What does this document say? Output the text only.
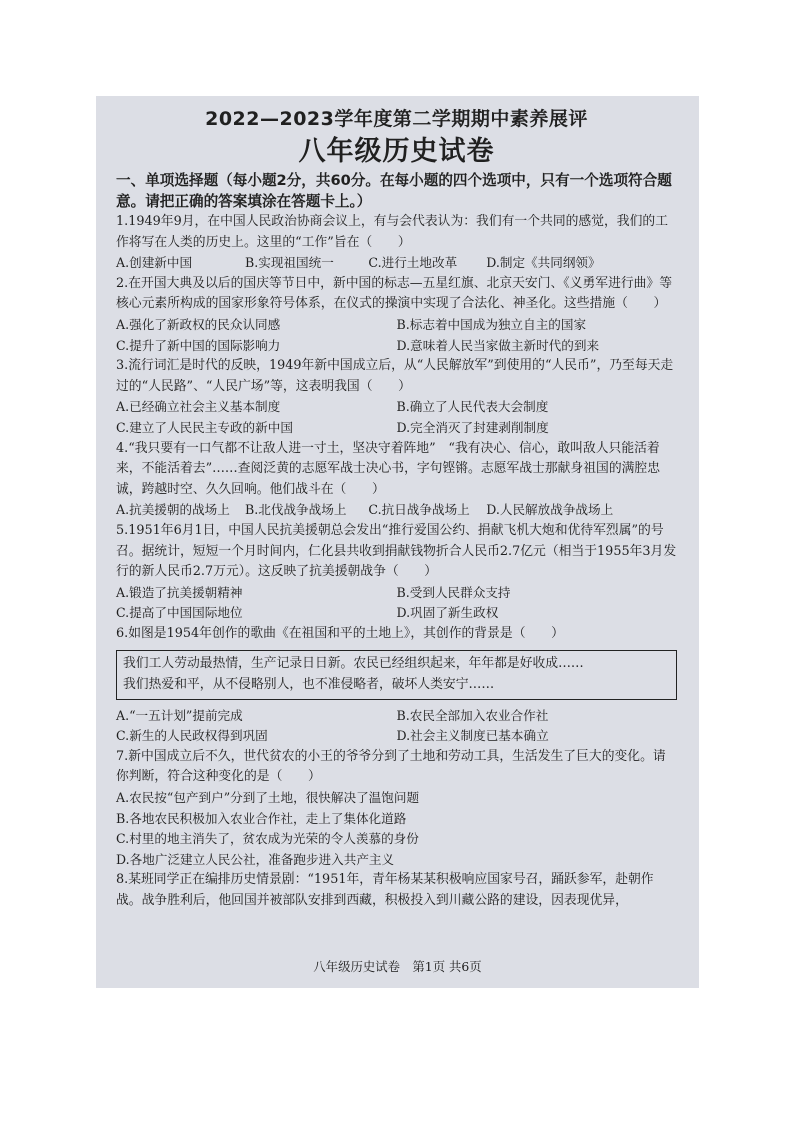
2022—2023学年度第二学期期中素养展评

八年级历史试卷

一、单项选择题（每小题2分，共60分。在每小题的四个选项中，只有一个选项符合题意。请把正确的答案填涂在答题卡上。）

1.1949年9月，在中国人民政治协商会议上，有与会代表认为：我们有一个共同的感觉，我们的工作将写在人类的历史上。这里的“工作”旨在（　　）

A.创建新中国	B.实现祖国统一	C.进行土地改革	D.制定《共同纲领》

2.在开国大典及以后的国庆等节日中，新中国的标志—五星红旗、北京天安门、《义勇军进行曲》等核心元素所构成的国家形象符号体系，在仪式的操演中实现了合法化、神圣化。这些措施（　　）

A.强化了新政权的民众认同感	B.标志着中国成为独立自主的国家
C.提升了新中国的国际影响力	D.意味着人民当家做主新时代的到来

3.流行词汇是时代的反映，1949年新中国成立后，从“人民解放军”到使用的“人民币”，乃至每天走过的“人民路”、“人民广场”等，这表明我国（　　）

A.已经确立社会主义基本制度	B.确立了人民代表大会制度
C.建立了人民民主专政的新中国	D.完全消灭了封建剥削制度

4.“我只要有一口气都不让敌人进一寸土，坚决守着阵地”　“我有决心、信心，敢叫敌人只能活着来，不能活着去”……查阅泛黄的志愿军战士决心书，字句铿锵。志愿军战士那献身祖国的满腔忠诚，跨越时空、久久回响。他们战斗在（　　）

A.抗美援朝的战场上	B.北伐战争战场上	C.抗日战争战场上	D.人民解放战争战场上

5.1951年6月1日，中国人民抗美援朝总会发出“推行爱国公约、捐献飞机大炮和优待军烈属”的号召。据统计，短短一个月时间内，仁化县共收到捐献钱物折合人民币2.7亿元（相当于1955年3月发行的新人民币2.7万元）。这反映了抗美援朝战争（　　）

A.锻造了抗美援朝精神	B.受到人民群众支持
C.提高了中国国际地位	D.巩固了新生政权

6.如图是1954年创作的歌曲《在祖国和平的土地上》，其创作的背景是（　　）

我们工人劳动最热情，生产记录日日新。农民已经组织起来，年年都是好收成……
我们热爱和平，从不侵略别人，也不准侵略者，破坏人类安宁……
A.“一五计划”提前完成	B.农民全部加入农业合作社
C.新生的人民政权得到巩固	D.社会主义制度已基本确立

7.新中国成立后不久，世代贫农的小王的爷爷分到了土地和劳动工具，生活发生了巨大的变化。请你判断，符合这种变化的是（　　）

A.农民按“包产到户”分到了土地，很快解决了温饱问题
B.各地农民积极加入农业合作社，走上了集体化道路
C.村里的地主消失了，贫农成为光荣的令人羡慕的身份
D.各地广泛建立人民公社，准备跑步进入共产主义

8.某班同学正在编排历史情景剧：“1951年，青年杨某某积极响应国家号召，踊跃参军，赴朝作战。战争胜利后，他回国并被部队安排到西藏，积极投入到川藏公路的建设，因表现优异，

八年级历史试卷　第1页 共6页
